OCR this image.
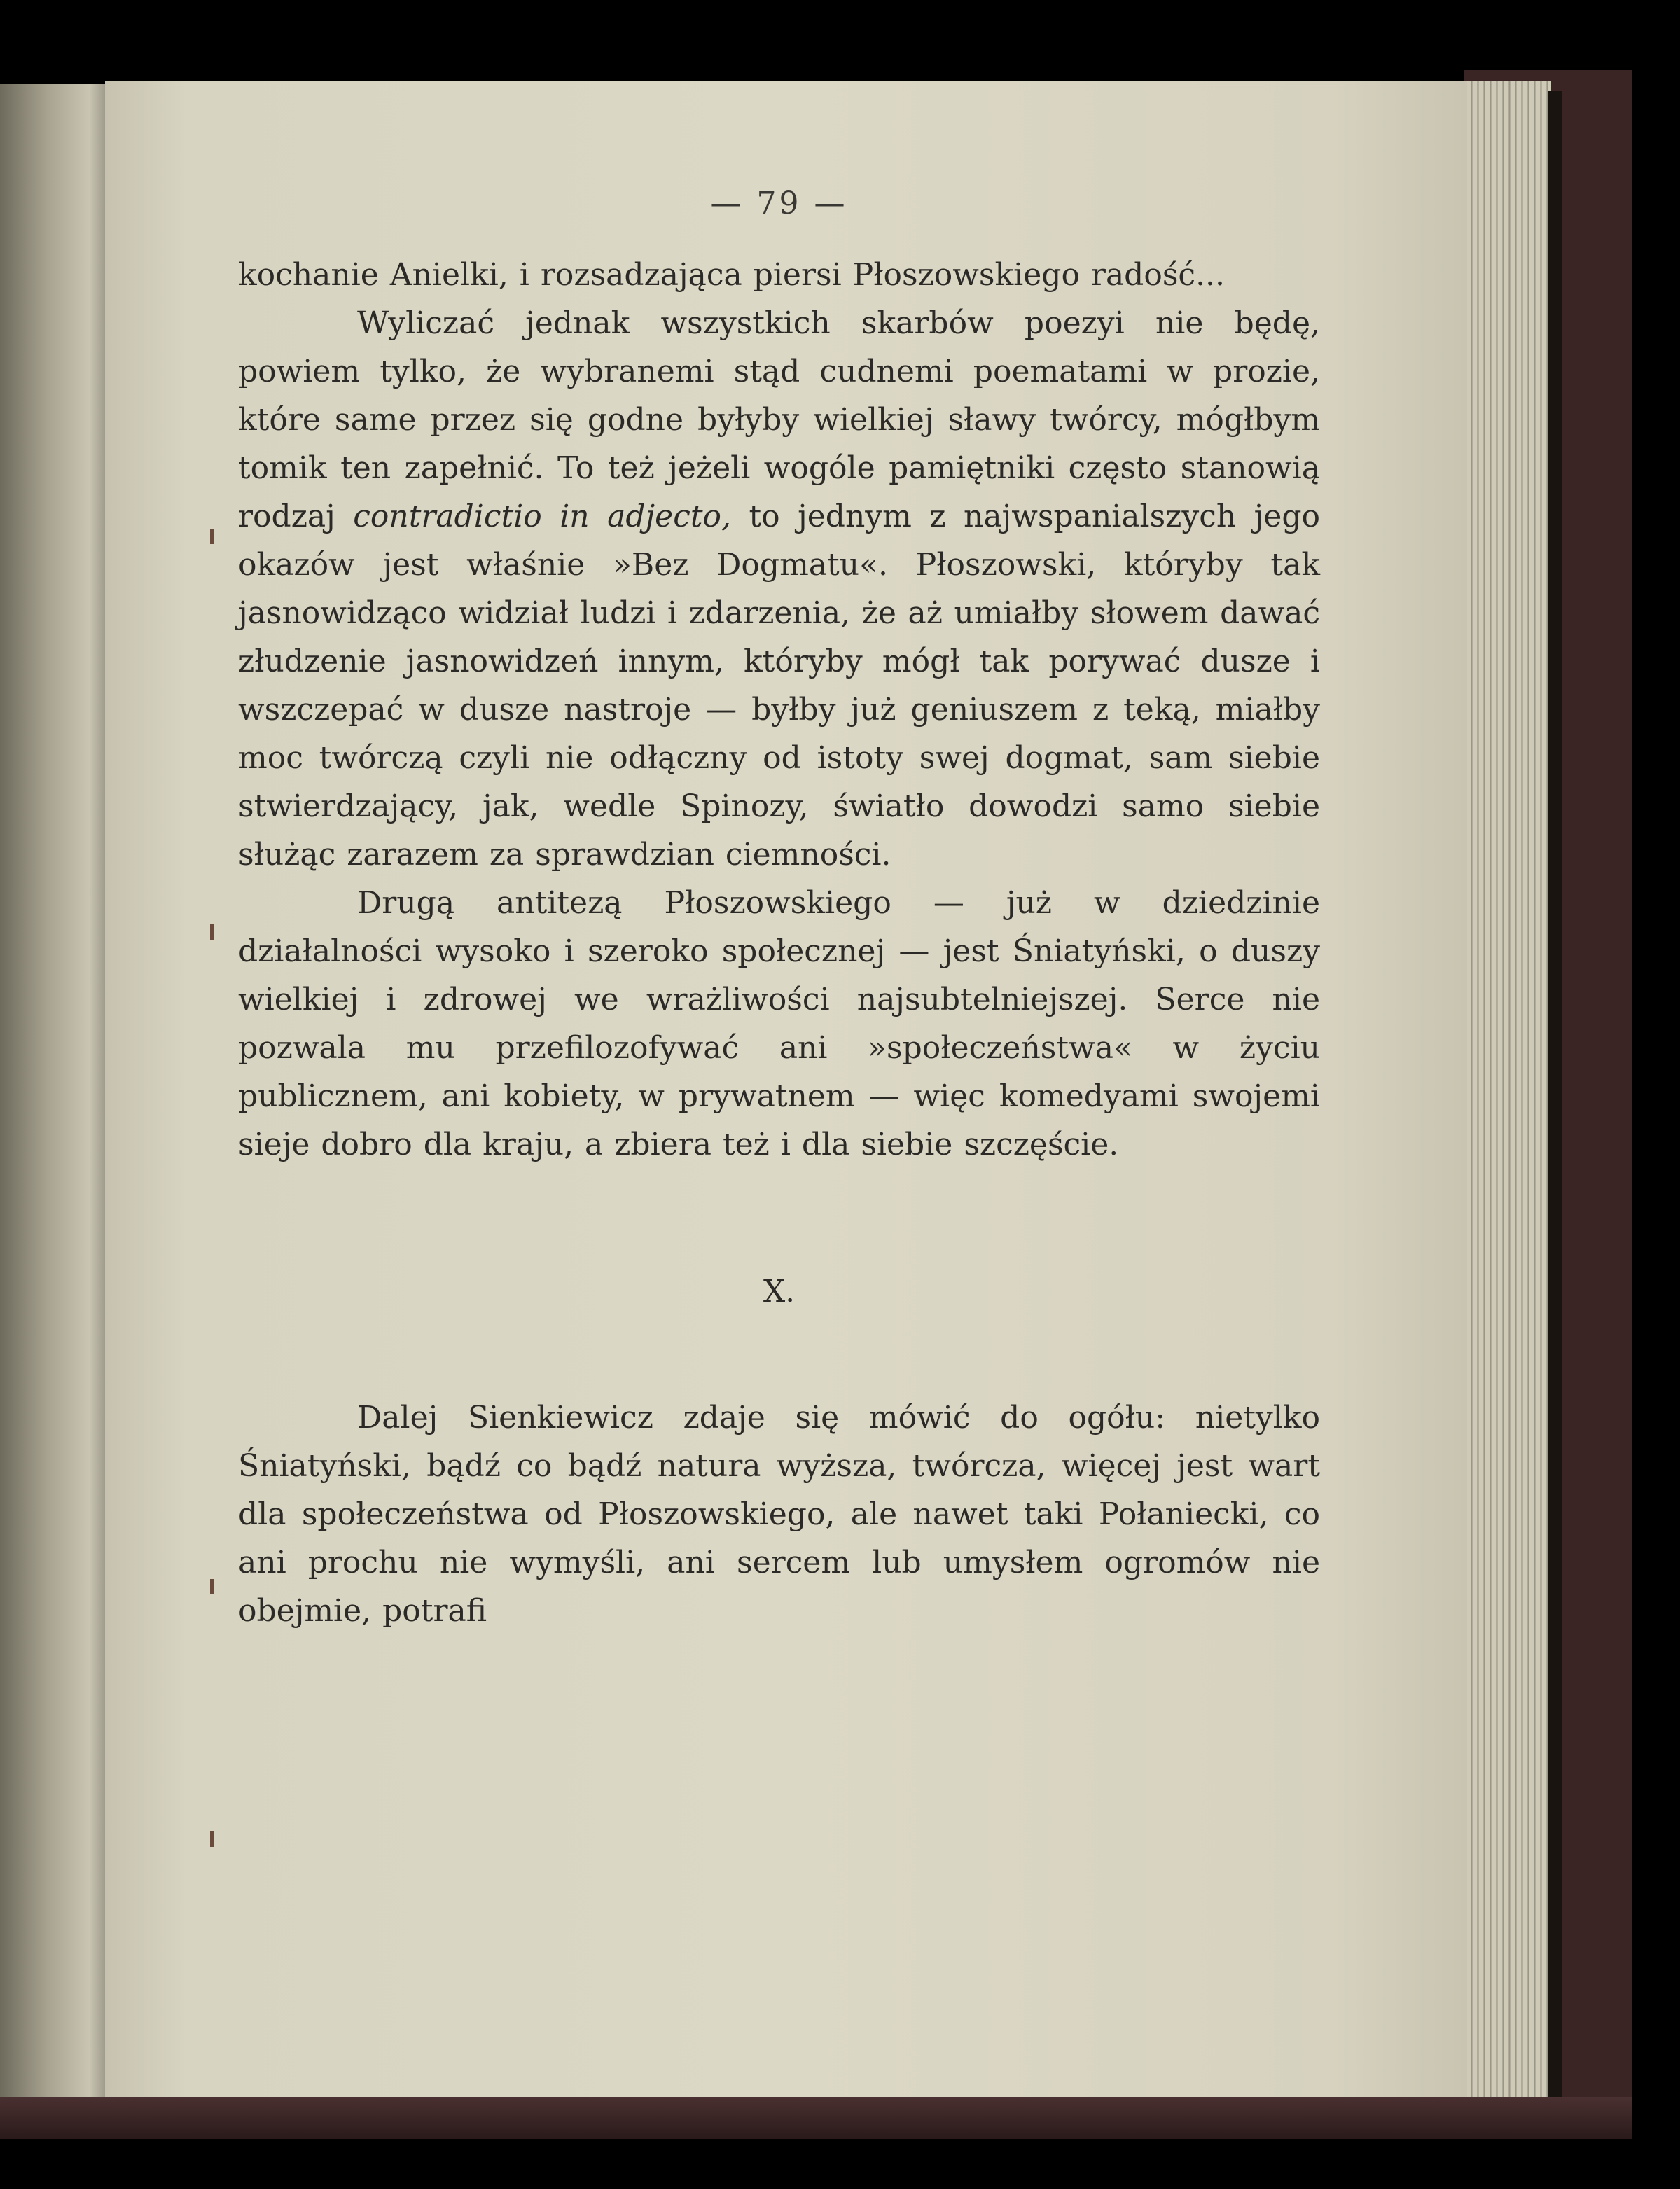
— 79 —

kochanie Anielki, i rozsadzająca piersi Płoszowskiego radość...

Wyliczać jednak wszystkich skarbów poezyi nie będę, powiem tylko, że wybranemi stąd cudnemi poematami w prozie, które same przez się godne byłyby wielkiej sławy twórcy, mógłbym tomik ten zapełnić. To też jeżeli wogóle pamiętniki często stanowią rodzaj contradictio in adjecto, to jednym z najwspanialszych jego okazów jest właśnie »Bez Dogmatu«. Płoszowski, któryby tak jasnowidząco widział ludzi i zdarzenia, że aż umiałby słowem dawać złudzenie jasnowidzeń innym, któryby mógł tak porywać dusze i wszczepać w dusze nastroje — byłby już geniuszem z teką, miałby moc twórczą czyli nie odłączny od istoty swej dogmat, sam siebie stwierdzający, jak, wedle Spinozy, światło dowodzi samo siebie służąc zarazem za sprawdzian ciemności.

Drugą antitezą Płoszowskiego — już w dziedzinie działalności wysoko i szeroko społecznej — jest Śniatyński, o duszy wielkiej i zdrowej we wrażliwości najsubtelniejszej. Serce nie pozwala mu przefilozofywać ani »społeczeństwa« w życiu publicznem, ani kobiety, w prywatnem — więc komedyami swojemi sieje dobro dla kraju, a zbiera też i dla siebie szczęście.

X.

Dalej Sienkiewicz zdaje się mówić do ogółu: nietylko Śniatyński, bądź co bądź natura wyższa, twórcza, więcej jest wart dla społeczeństwa od Płoszowskiego, ale nawet taki Połaniecki, co ani prochu nie wymyśli, ani sercem lub umysłem ogromów nie obejmie, potrafi
